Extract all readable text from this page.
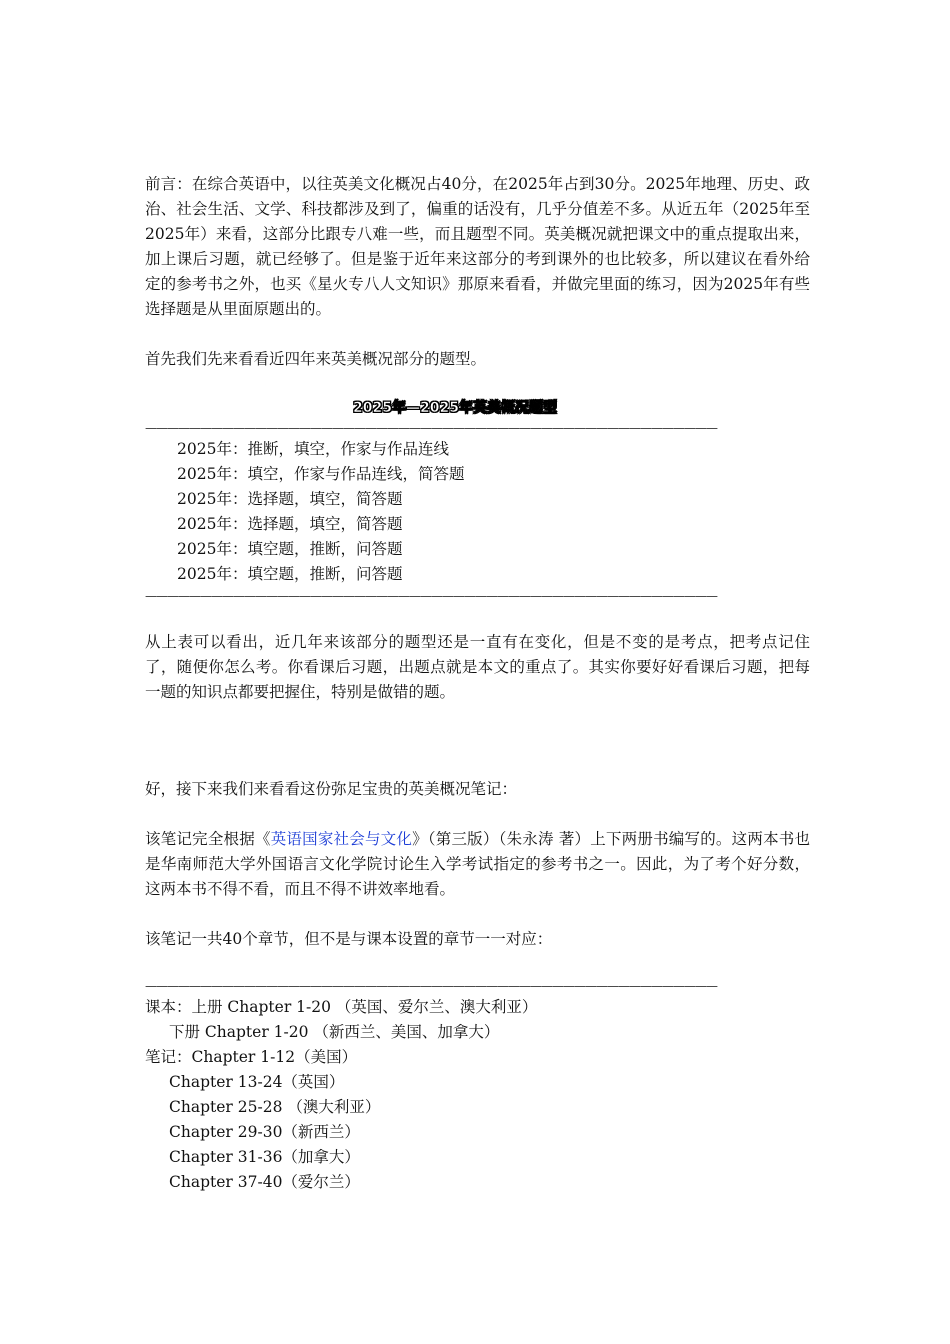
前言：在综合英语中，以往英美文化概况占40分，在2025年占到30分。2025年地理、历史、政治、社会生活、文学、科技都涉及到了，偏重的话没有，几乎分值差不多。从近五年（2025年至2025年）来看，这部分比跟专八难一些，而且题型不同。英美概况就把课文中的重点提取出来，加上课后习题，就已经够了。但是鉴于近年来这部分的考到课外的也比较多，所以建议在看外给定的参考书之外，也买《星火专八人文知识》那原来看看，并做完里面的练习，因为2025年有些选择题是从里面原题出的。

首先我们先来看看近四年来英美概况部分的题型。

2025年—2025年英美概况题型
————————————————————————————————————————————————————

2025年：推断，填空，作家与作品连线

2025年：填空，作家与作品连线，简答题

2025年：选择题，填空，简答题

2025年：选择题，填空，简答题

2025年：填空题，推断，问答题

2025年：填空题，推断，问答题

————————————————————————————————————————————————————

从上表可以看出，近几年来该部分的题型还是一直有在变化，但是不变的是考点，把考点记住了，随便你怎么考。你看课后习题，出题点就是本文的重点了。其实你要好好看课后习题，把每一题的知识点都要把握住，特别是做错的题。

好，接下来我们来看看这份弥足宝贵的英美概况笔记：

该笔记完全根据《英语国家社会与文化》（第三版）（朱永涛 著）上下两册书编写的。这两本书也是华南师范大学外国语言文化学院讨论生入学考试指定的参考书之一。因此，为了考个好分数，这两本书不得不看，而且不得不讲效率地看。

该笔记一共40个章节，但不是与课本设置的章节一一对应：

————————————————————————————————————————————————————

课本：上册 Chapter 1-20 （英国、爱尔兰、澳大利亚）

下册 Chapter 1-20 （新西兰、美国、加拿大）

笔记：Chapter 1-12（美国）

Chapter 13-24（英国）

Chapter 25-28 （澳大利亚）

Chapter 29-30（新西兰）

Chapter 31-36（加拿大）

Chapter 37-40（爱尔兰）
